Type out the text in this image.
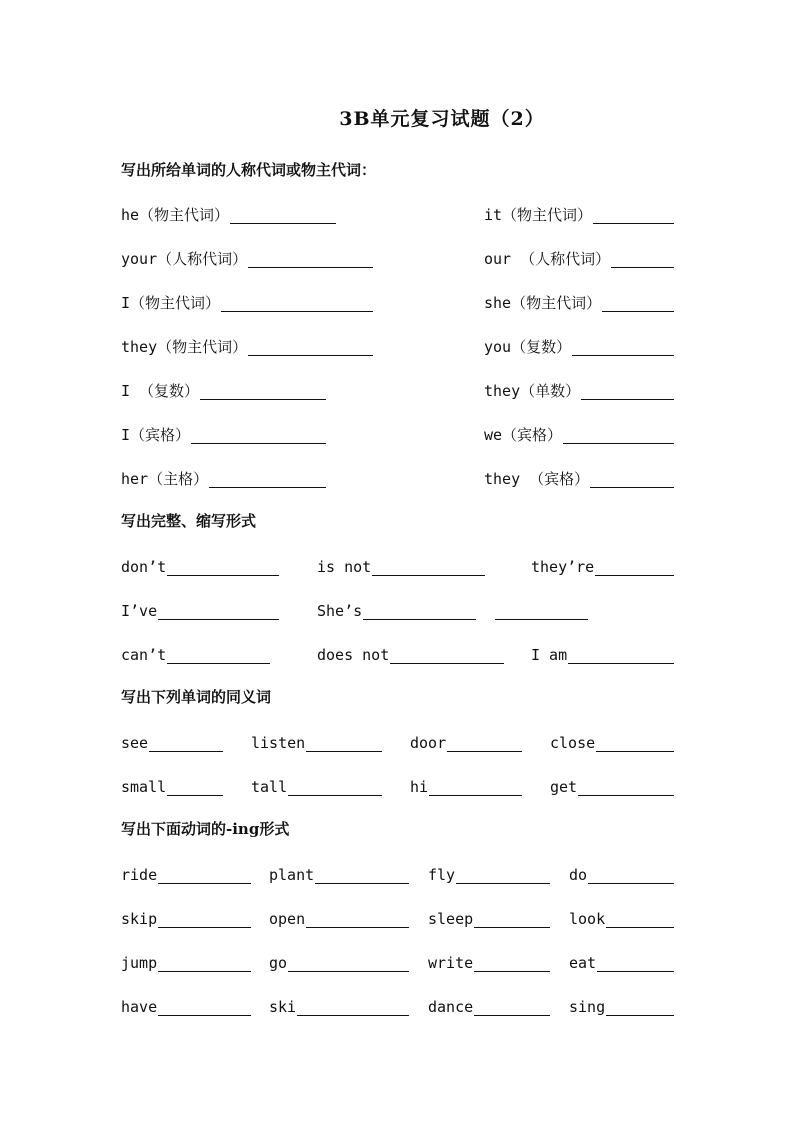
3B单元复习试题（2）
写出所给单词的人称代词或物主代词：
he（物主代词）	it（物主代词）
your（人称代词）	our （人称代词）
I（物主代词）	she（物主代词）
they（物主代词）	you（复数）
I （复数）	they（单数）
I（宾格）	we（宾格）
her（主格）	they （宾格）
写出完整、缩写形式
don’t	is not	they’re
I’ve	She’s
can’t	does not	I am
写出下列单词的同义词
see	listen	door	close
small	tall	hi	get
写出下面动词的-ing形式
ride	plant	fly	do
skip	open	sleep	look
jump	go	write	eat
have	ski	dance	sing
